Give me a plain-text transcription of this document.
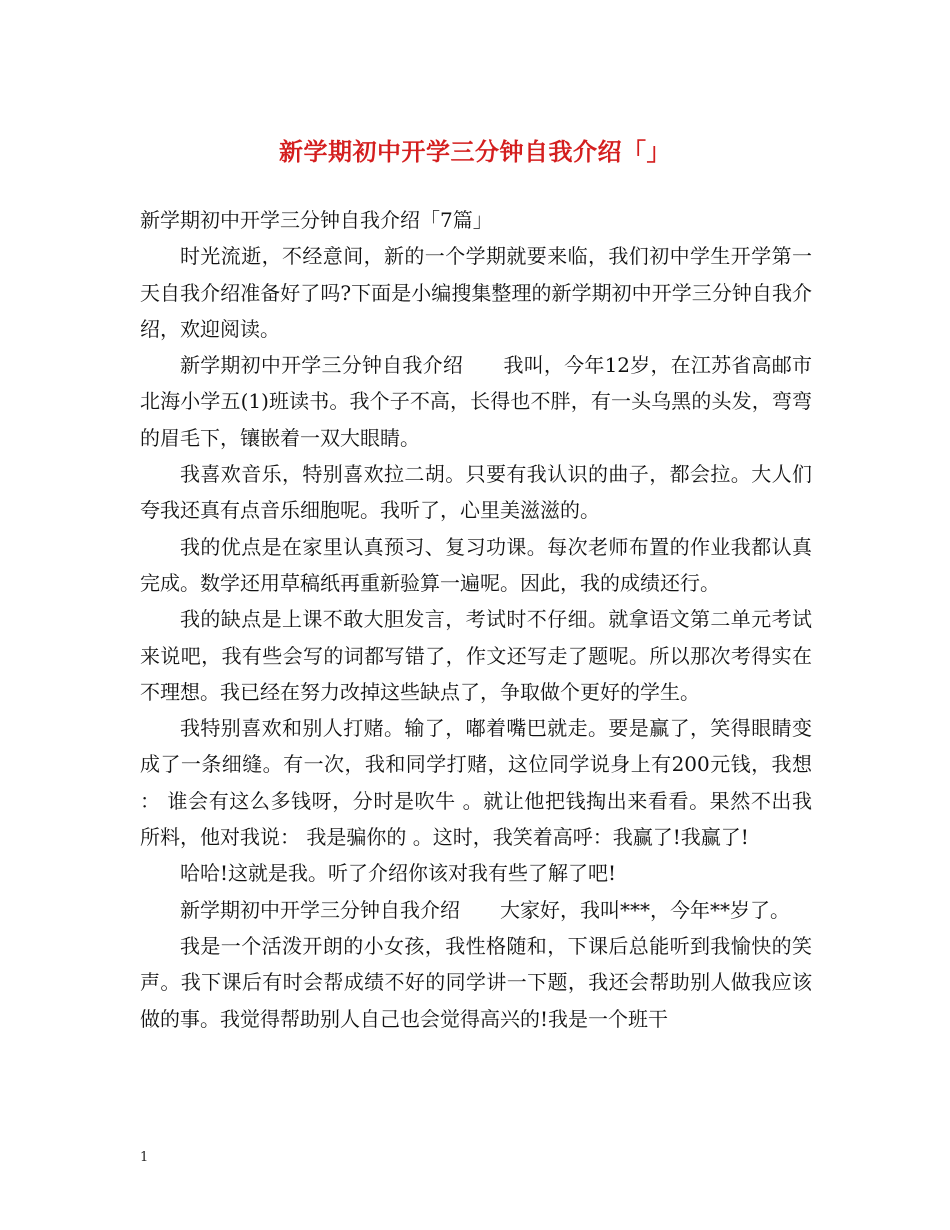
新学期初中开学三分钟自我介绍「」

新学期初中开学三分钟自我介绍「7篇」

时光流逝，不经意间，新的一个学期就要来临，我们初中学生开学第一天自我介绍准备好了吗?下面是小编搜集整理的新学期初中开学三分钟自我介绍，欢迎阅读。

新学期初中开学三分钟自我介绍　　我叫，今年12岁，在江苏省高邮市北海小学五(1)班读书。我个子不高，长得也不胖，有一头乌黑的头发，弯弯的眉毛下，镶嵌着一双大眼睛。

我喜欢音乐，特别喜欢拉二胡。只要有我认识的曲子，都会拉。大人们夸我还真有点音乐细胞呢。我听了，心里美滋滋的。

我的优点是在家里认真预习、复习功课。每次老师布置的作业我都认真完成。数学还用草稿纸再重新验算一遍呢。因此，我的成绩还行。

我的缺点是上课不敢大胆发言，考试时不仔细。就拿语文第二单元考试来说吧，我有些会写的词都写错了，作文还写走了题呢。所以那次考得实在不理想。我已经在努力改掉这些缺点了，争取做个更好的学生。

我特别喜欢和别人打赌。输了，嘟着嘴巴就走。要是赢了，笑得眼睛变成了一条细缝。有一次，我和同学打赌，这位同学说身上有200元钱，我想 ： 谁会有这么多钱呀，分时是吹牛 。就让他把钱掏出来看看。果然不出我所料，他对我说： 我是骗你的 。这时，我笑着高呼：我赢了!我赢了!

哈哈!这就是我。听了介绍你该对我有些了解了吧!

新学期初中开学三分钟自我介绍　　大家好，我叫***，今年**岁了。

我是一个活泼开朗的小女孩，我性格随和，下课后总能听到我愉快的笑声。我下课后有时会帮成绩不好的同学讲一下题，我还会帮助别人做我应该做的事。我觉得帮助别人自己也会觉得高兴的!我是一个班干

1
